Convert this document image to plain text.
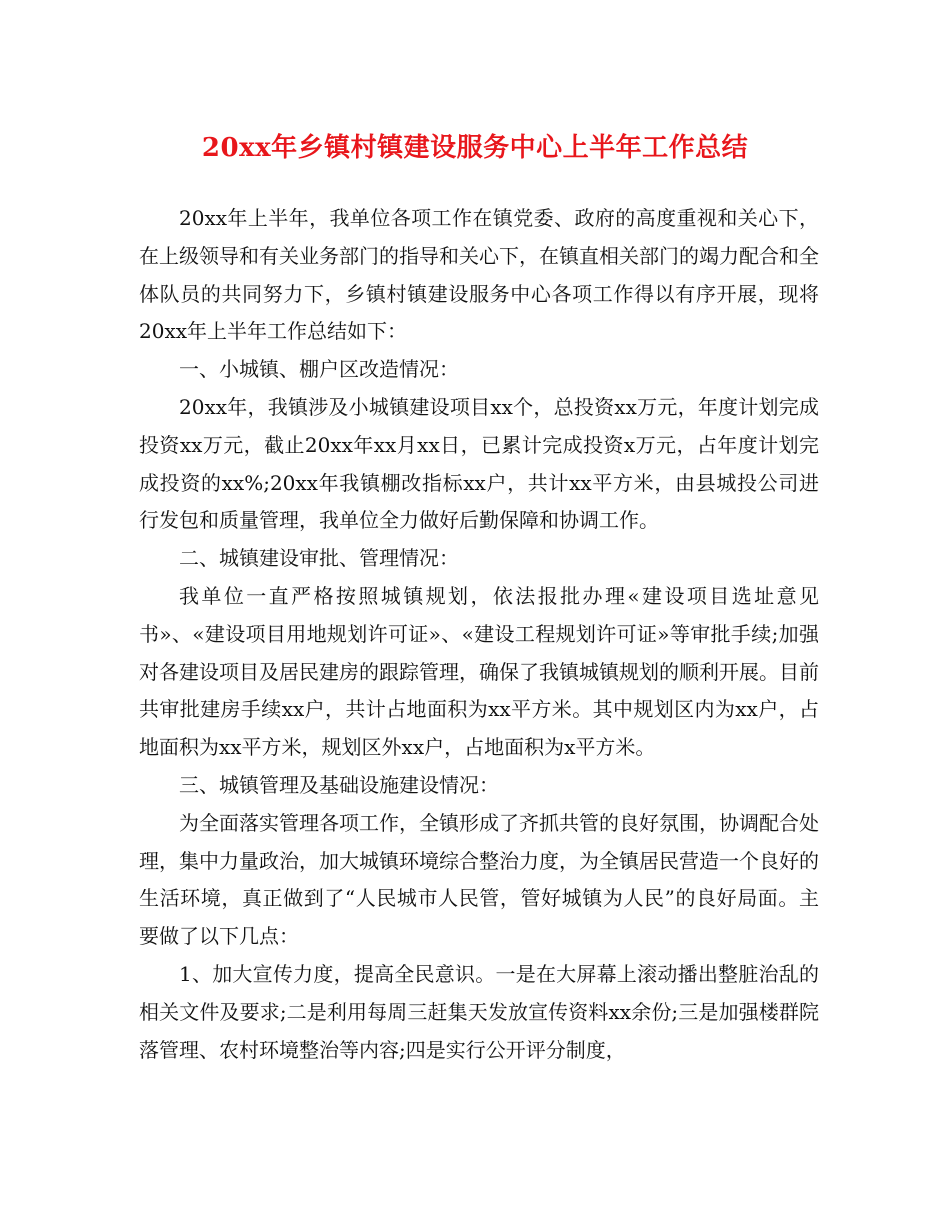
20xx年乡镇村镇建设服务中心上半年工作总结

20xx年上半年，我单位各项工作在镇党委、政府的高度重视和关心下，在上级领导和有关业务部门的指导和关心下，在镇直相关部门的竭力配合和全体队员的共同努力下，乡镇村镇建设服务中心各项工作得以有序开展，现将20xx年上半年工作总结如下：

一、小城镇、棚户区改造情况：

20xx年，我镇涉及小城镇建设项目xx个，总投资xx万元，年度计划完成投资xx万元，截止20xx年xx月xx日，已累计完成投资x万元，占年度计划完成投资的xx%;20xx年我镇棚改指标xx户，共计xx平方米，由县城投公司进行发包和质量管理，我单位全力做好后勤保障和协调工作。

二、城镇建设审批、管理情况：

我单位一直严格按照城镇规划，依法报批办理«建设项目选址意见书»、«建设项目用地规划许可证»、«建设工程规划许可证»等审批手续;加强对各建设项目及居民建房的跟踪管理，确保了我镇城镇规划的顺利开展。目前共审批建房手续xx户，共计占地面积为xx平方米。其中规划区内为xx户，占地面积为xx平方米，规划区外xx户，占地面积为x平方米。

三、城镇管理及基础设施建设情况：

为全面落实管理各项工作，全镇形成了齐抓共管的良好氛围，协调配合处理，集中力量政治，加大城镇环境综合整治力度，为全镇居民营造一个良好的生活环境，真正做到了“人民城市人民管，管好城镇为人民”的良好局面。主要做了以下几点：

1、加大宣传力度，提高全民意识。一是在大屏幕上滚动播出整脏治乱的相关文件及要求;二是利用每周三赶集天发放宣传资料xx余份;三是加强楼群院落管理、农村环境整治等内容;四是实行公开评分制度，
